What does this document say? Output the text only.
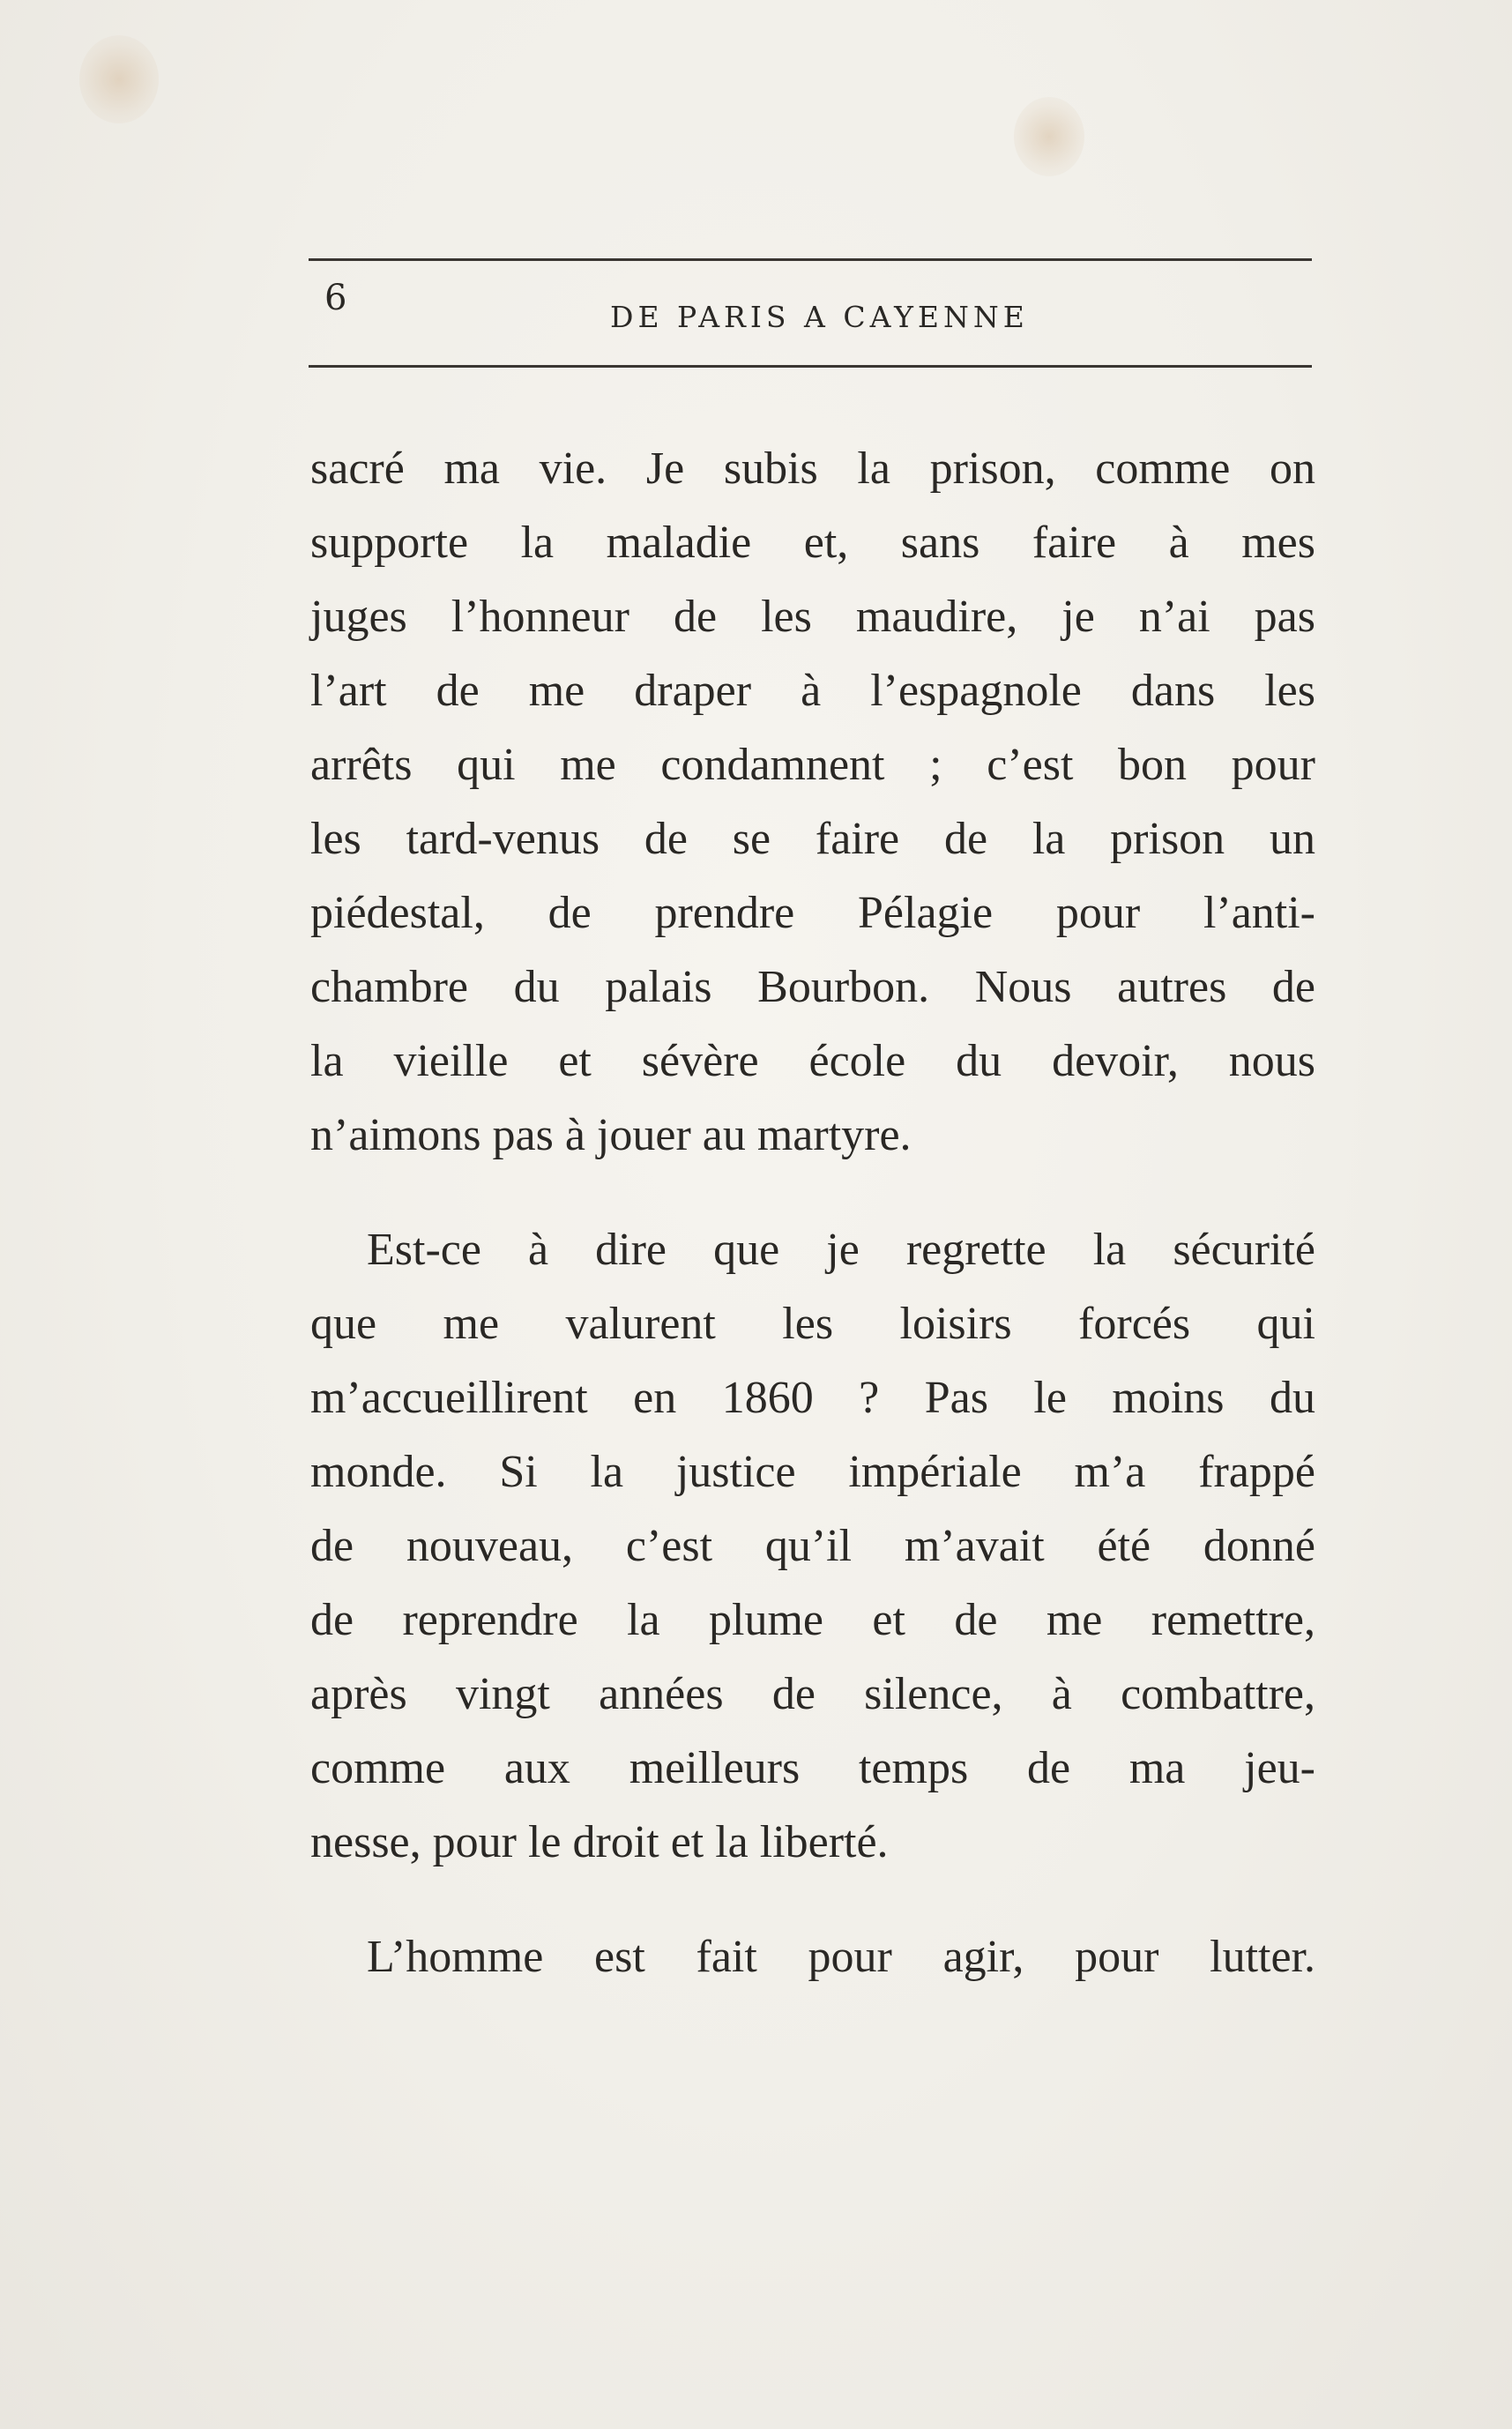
6	DE PARIS A CAYENNE

sacré ma vie. Je subis la prison, comme on
supporte la maladie et, sans faire à mes
juges l’honneur de les maudire, je n’ai pas
l’art de me draper à l’espagnole dans les
arrêts qui me condamnent ; c’est bon pour
les tard-venus de se faire de la prison un
piédestal, de prendre Pélagie pour l’anti-
chambre du palais Bourbon. Nous autres de
la vieille et sévère école du devoir, nous
n’aimons pas à jouer au martyre.

Est-ce à dire que je regrette la sécurité
que me valurent les loisirs forcés qui
m’accueillirent en 1860 ? Pas le moins du
monde. Si la justice impériale m’a frappé
de nouveau, c’est qu’il m’avait été donné
de reprendre la plume et de me remettre,
après vingt années de silence, à combattre,
comme aux meilleurs temps de ma jeu-
nesse, pour le droit et la liberté.

L’homme est fait pour agir, pour lutter.
